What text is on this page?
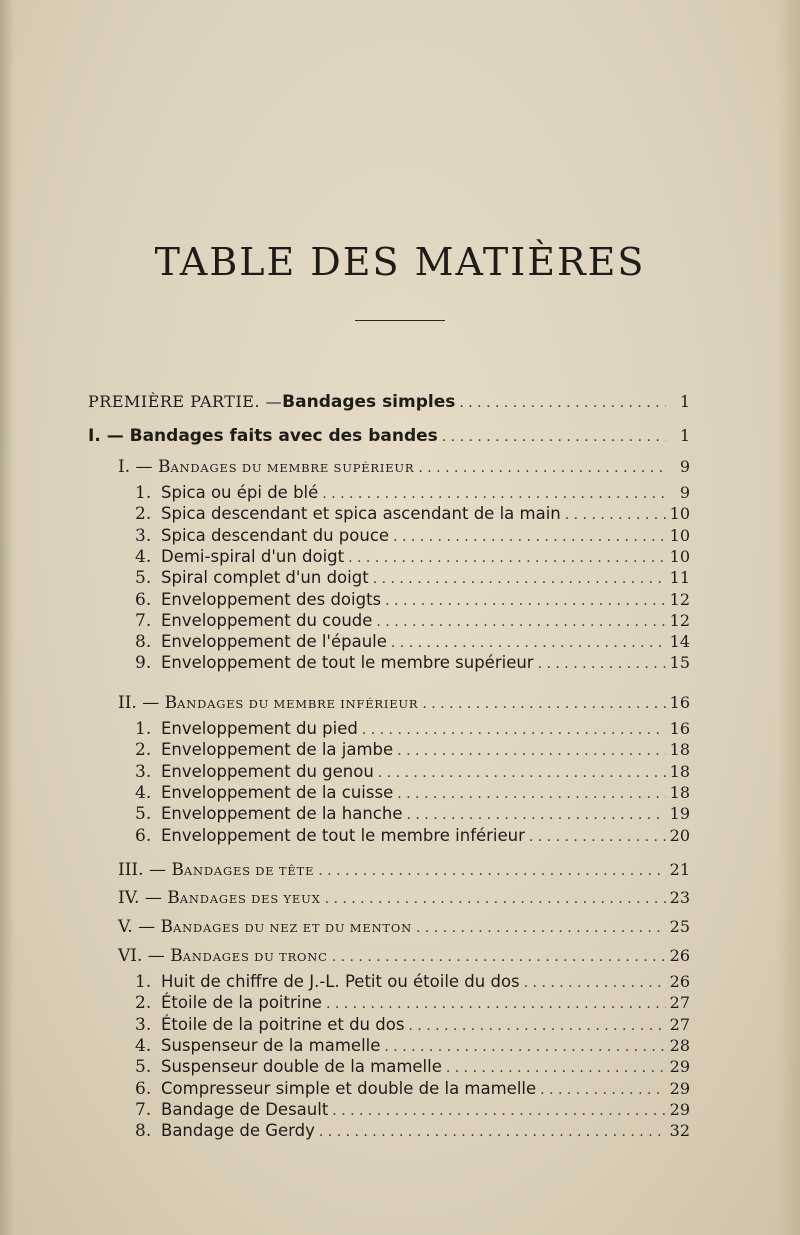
TABLE DES MATIÈRES
PREMIÈRE PARTIE. — Bandages simples . . .	1
I. — Bandages faits avec des bandes . . .	1
I. — BANDAGES DU MEMBRE SUPÉRIEUR . . .	9
1. Spica ou épi de blé . . .	9
2. Spica descendant et spica ascendant de la main . . .	10
3. Spica descendant du pouce . . .	10
4. Demi-spiral d'un doigt . . .	10
5. Spiral complet d'un doigt . . .	11
6. Enveloppement des doigts . . .	12
7. Enveloppement du coude . . .	12
8. Enveloppement de l'épaule . . .	14
9. Enveloppement de tout le membre supérieur . . .	15
II. — BANDAGES DU MEMBRE INFÉRIEUR . . .	16
1. Enveloppement du pied . . .	16
2. Enveloppement de la jambe . . .	18
3. Enveloppement du genou . . .	18
4. Enveloppement de la cuisse . . .	18
5. Enveloppement de la hanche . . .	19
6. Enveloppement de tout le membre inférieur . . .	20
III. — BANDAGES DE TÊTE . . .	21
IV. — BANDAGES DES YEUX . . .	23
V. — BANDAGES DU NEZ ET DU MENTON . . .	25
VI. — BANDAGES DU TRONC . . .	26
1. Huit de chiffre de J.-L. Petit ou étoile du dos . . .	26
2. Étoile de la poitrine . . .	27
3. Étoile de la poitrine et du dos . . .	27
4. Suspenseur de la mamelle . . .	28
5. Suspenseur double de la mamelle . . .	29
6. Compresseur simple et double de la mamelle . . .	29
7. Bandage de Desault . . .	29
8. Bandage de Gerdy . . .	32
